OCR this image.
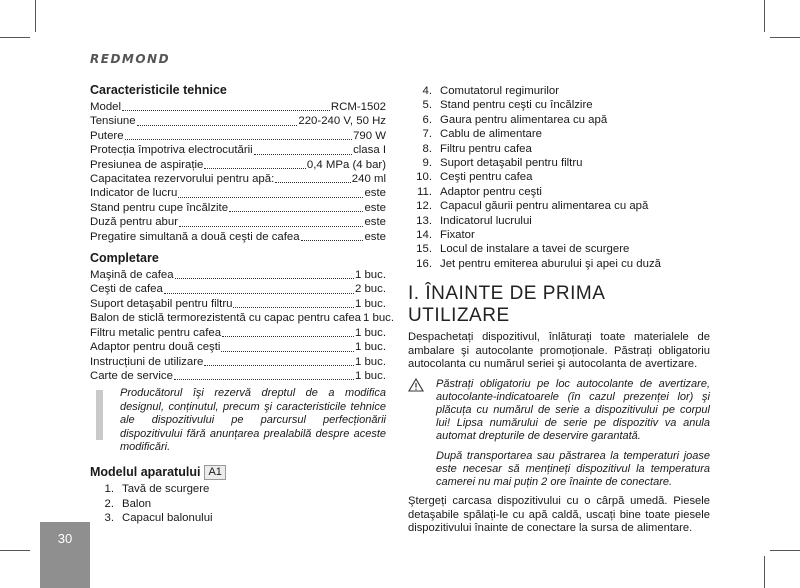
REDMOND
30
Caracteristicile tehnice
Model	RCM-1502
Tensiune	220-240 V, 50 Hz
Putere	790 W
Protecția împotriva electrocutării	clasa I
Presiunea de aspirație	0,4 MPa (4 bar)
Capacitatea rezervorului pentru apă:	240 ml
Indicator de lucru	este
Stand pentru cupe încălzite	este
Duză pentru abur	este
Pregatire simultană a două ceşti de cafea	este
Completare
Maşină de cafea	1 buc.
Ceşti de cafea	2 buc.
Suport detaşabil pentru filtru	1 buc.
Balon de sticlă termorezistentă cu capac pentru cafea 1 buc.
Filtru metalic pentru cafea	1 buc.
Adaptor pentru două ceşti	1 buc.
Instrucțiuni de utilizare	1 buc.
Carte de service	1 buc.
Producătorul îşi rezervă dreptul de a modifica designul, conținutul, precum şi caracteristicile tehnice ale dispozitivului pe parcursul perfecționării dispozitivului fără anunțarea prealabilă despre aceste modificări.
Modelul aparatului A1
1. Tavă de scurgere
2. Balon
3. Capacul balonului
4. Comutatorul regimurilor
5. Stand pentru ceşti cu încălzire
6. Gaura pentru alimentarea cu apă
7. Cablu de alimentare
8. Filtru pentru cafea
9. Suport detaşabil pentru filtru
10. Ceşti pentru cafea
11. Adaptor pentru ceşti
12. Capacul găurii pentru alimentarea cu apă
13. Indicatorul lucrului
14. Fixator
15. Locul de instalare a tavei de scurgere
16. Jet pentru emiterea aburului şi apei cu duză
I. ÎNAINTE DE PRIMA UTILIZARE
Despachetați dispozitivul, înlăturați toate materialele de ambalare şi autocolante promoționale. Păstrați obligatoriu autocolanta cu numărul seriei şi autocolanta de avertizare.

Păstrați obligatoriu pe loc autocolante de avertizare, autocolante-indicatoarele (în cazul prezenței lor) şi plăcuța cu numărul de serie a dispozitivului pe corpul lui! Lipsa numărului de serie pe dispozitiv va anula automat drepturile de deservire garantată.

După transportarea sau păstrarea la temperaturi joase este necesar să mențineți dispozitivul la temperatura camerei nu mai puțin 2 ore înainte de conectare.

Ştergeți carcasa dispozitivului cu o cârpă umedă. Piesele detaşabile spălați-le cu apă caldă, uscați bine toate piesele dispozitivului înainte de conectare la sursa de alimentare.
